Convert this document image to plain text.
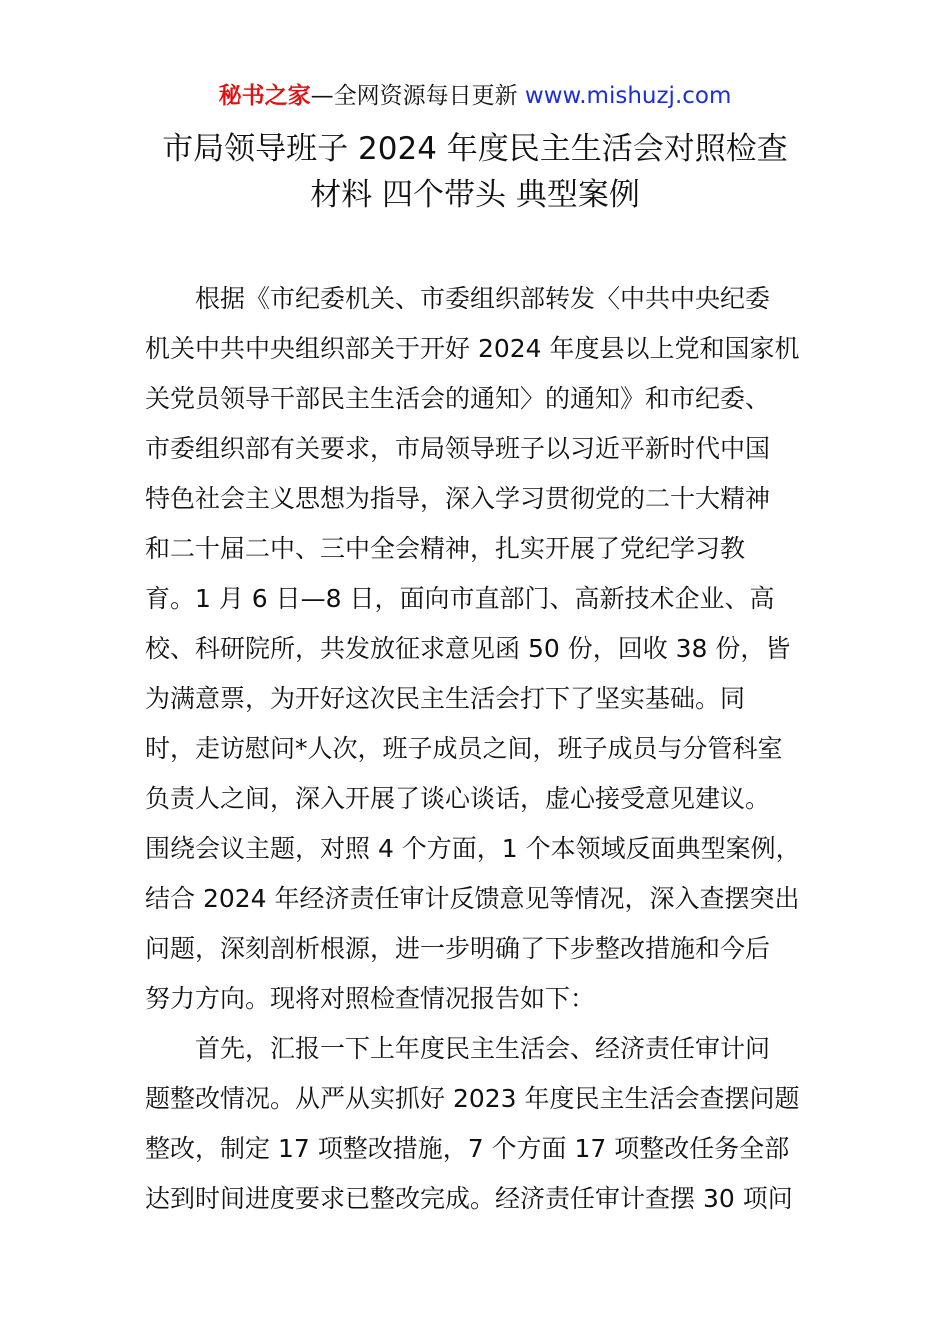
秘书之家—全网资源每日更新 www.mishuzj.com
市局领导班子 2024 年度民主生活会对照检查
材料 四个带头 典型案例
根据《市纪委机关、市委组织部转发〈中共中央纪委
机关中共中央组织部关于开好 2024 年度县以上党和国家机
关党员领导干部民主生活会的通知〉的通知》和市纪委、
市委组织部有关要求，市局领导班子以习近平新时代中国
特色社会主义思想为指导，深入学习贯彻党的二十大精神
和二十届二中、三中全会精神，扎实开展了党纪学习教
育。1 月 6 日—8 日，面向市直部门、高新技术企业、高
校、科研院所，共发放征求意见函 50 份，回收 38 份，皆
为满意票，为开好这次民主生活会打下了坚实基础。同
时，走访慰问*人次，班子成员之间，班子成员与分管科室
负责人之间，深入开展了谈心谈话，虚心接受意见建议。
围绕会议主题，对照 4 个方面，1 个本领域反面典型案例，
结合 2024 年经济责任审计反馈意见等情况，深入查摆突出
问题，深刻剖析根源，进一步明确了下步整改措施和今后
努力方向。现将对照检查情况报告如下：
首先，汇报一下上年度民主生活会、经济责任审计问
题整改情况。从严从实抓好 2023 年度民主生活会查摆问题
整改，制定 17 项整改措施，7 个方面 17 项整改任务全部
达到时间进度要求已整改完成。经济责任审计查摆 30 项问
